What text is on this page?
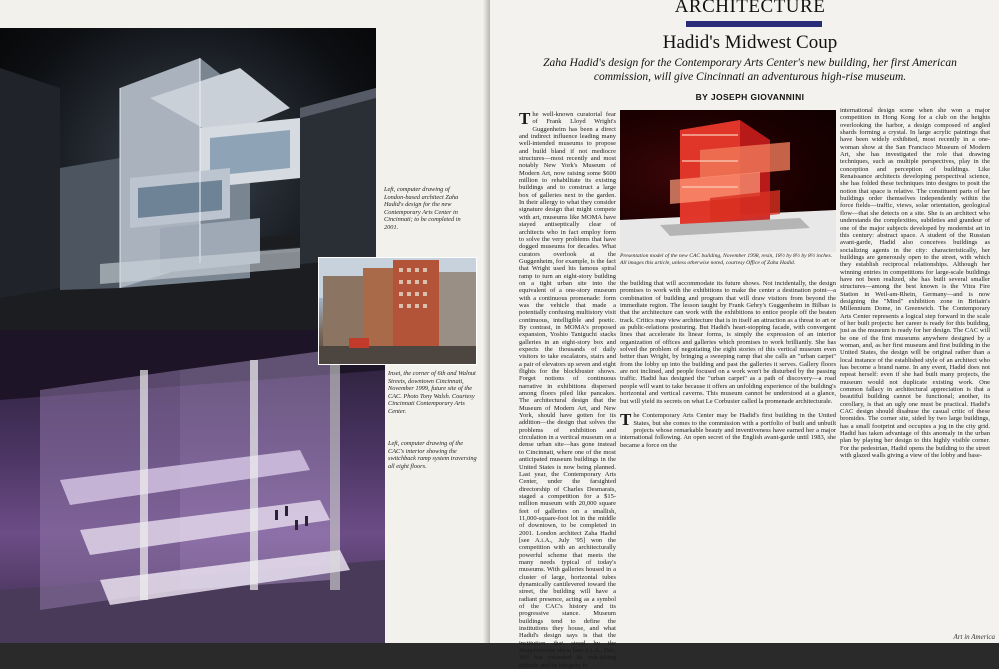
Left, computer drawing of London-based architect Zaha Hadid's design for the new Contemporary Arts Center in Cincinnati; to be completed in 2001.
Inset, the corner of 6th and Walnut Streets, downtown Cincinnati, November 1999, future site of the CAC. Photo Tony Walsh. Courtesy Cincinnati Contemporary Arts Center.
Left, computer drawing of the CAC's interior showing the switchback ramp system traversing all eight floors.
ARCHITECTURE
Hadid's Midwest Coup
Zaha Hadid's design for the Contemporary Arts Center's new building, her first American commission, will give Cincinnati an adventurous high-rise museum.
BY JOSEPH GIOVANNINI
The well-known curatorial fear of Frank Lloyd Wright's Guggenheim has been a direct and indirect influence leading many well-intended museums to propose and build bland if not mediocre structures—most recently and most notably New York's Museum of Modern Art, now raising some $600 million to rehabilitate its existing buildings and to construct a large box of galleries next to the garden. In their allergy to what they consider signature design that might compete with art, museums like MOMA have stayed antiseptically clear of architects who in fact employ form to solve the very problems that have dogged museums for decades. What curators overlook at the Guggenheim, for example, is the fact that Wright used his famous spiral ramp to turn an eight-story building on a tight urban site into the equivalent of a one-story museum with a continuous promenade: form was the vehicle that made a potentially confusing multistory visit continuous, intelligible and poetic. By contrast, in MOMA's proposed expansion, Yoshio Taniguchi stacks galleries in an eight-story box and expects the thousands of daily visitors to take escalators, stairs and a pair of elevators up seven and eight flights for the blockbuster shows. Forget notions of continuous narrative in exhibitions dispersed among floors piled like pancakes. The architectural design that the Museum of Modern Art, and New York, should have gotten for its addition—the design that solves the problems of exhibition and circulation in a vertical museum on a dense urban site—has gone instead to Cincinnati, where one of the most anticipated museum buildings in the United States is now being planned. Last year, the Contemporary Arts Center, under the farsighted directorship of Charles Desmarais, staged a competition for a $15-million museum with 20,000 square feet of galleries on a smallish, 11,000-square-foot lot in the middle of downtown, to be completed in 2001. London architect Zaha Hadid [see A.i.A., July '95] won the competition with an architecturally powerful scheme that meets the many needs typical of today's museums. With galleries housed in a cluster of large, horizontal tubes dynamically cantilevered toward the street, the building will have a radiant presence, acting as a symbol of the CAC's history and its progressive stance. Museum buildings tend to define the institutions they house, and what Hadid's design says is that the institution that stood by the Mapplethorpe show [see A.i.A., Dec. '90] has extended its risk-taking attitude and its integrity to
Presentation model of the new CAC building, November 1998, resin, 18½ by 8½ by 8½ inches. All images this article, unless otherwise noted, courtesy Office of Zaha Hadid.
the building that will accommodate its future shows. Not incidentally, the design promises to work with the exhibitions to make the center a destination point—a combination of building and program that will draw visitors from beyond the immediate region. The lesson taught by Frank Gehry's Guggenheim in Bilbao is that the architecture can work with the exhibitions to entice people off the beaten track. Critics may view architecture that is in itself an attraction as a threat to art or as public-relations posturing. But Hadid's heart-stopping facade, with convergent lines that accelerate its linear forms, is simply the expression of an interior organization of offices and galleries which promises to work brilliantly. She has solved the problem of negotiating the eight stories of this vertical museum even better than Wright, by bringing a sweeping ramp that she calls an "urban carpet" from the lobby up into the building and past the galleries it serves. Gallery floors are not inclined, and people focused on a work won't be disturbed by the passing traffic. Hadid has designed the "urban carpet" as a path of discovery—a road people will want to take because it offers an unfolding experience of the building's horizontal and vertical caverns. This museum cannot be understood at a glance, but will yield its secrets on what Le Corbusier called la promenade architecturale.

T he Contemporary Arts Center may be Hadid's first building in the United States, but she comes to the commission with a portfolio of built and unbuilt projects whose remarkable beauty and inventiveness have earned her a major international following. An open secret of the English avant-garde until 1983, she became a force on the
international design scene when she won a major competition in Hong Kong for a club on the heights overlooking the harbor, a design composed of angled shards forming a crystal. In large acrylic paintings that have been widely exhibited, most recently in a one-woman show at the San Francisco Museum of Modern Art, she has investigated the role that drawing techniques, such as multiple perspectives, play in the conception and perception of buildings. Like Renaissance architects developing perspectival science, she has folded these techniques into designs to posit the notion that space is relative. The constituent parts of her buildings order themselves independently within the force fields—traffic, views, solar orientation, geological flow—that she detects on a site. She is an architect who understands the complexities, subtleties and grandeur of one of the major subjects developed by modernist art in this century: abstract space. A student of the Russian avant-garde, Hadid also conceives buildings as socializing agents in the city: characteristically, her buildings are generously open to the street, with which they establish reciprocal relationships. Although her winning entries in competitions for large-scale buildings have not been realized, she has built several smaller structures—among the best known is the Vitra Fire Station in Weil-am-Rhein, Germany—and is now designing the "Mind" exhibition zone in Britain's Millennium Dome, in Greenwich. The Contemporary Arts Center represents a logical step forward in the scale of her built projects: her career is ready for this building, just as the museum is ready for her design. The CAC will be one of the first museums anywhere designed by a woman, and, as her first museum and first building in the United States, the design will be original rather than a local instance of the established style of an architect who has become a brand name. In any event, Hadid does not repeat herself: even if she had built many projects, the museum would not duplicate existing work. One common fallacy in architectural appreciation is that a beautiful building cannot be functional; another, its corollary, is that an ugly one must be practical. Hadid's CAC design should disabuse the casual critic of these bromides. The corner site, sided by two large buildings, has a small footprint and occupies a jog in the city grid. Hadid has taken advantage of this anomaly in the urban plan by playing her design to this highly visible corner. For the pedestrian, Hadid opens the building to the street with glazed walls giving a view of the lobby and base-
Art in America
